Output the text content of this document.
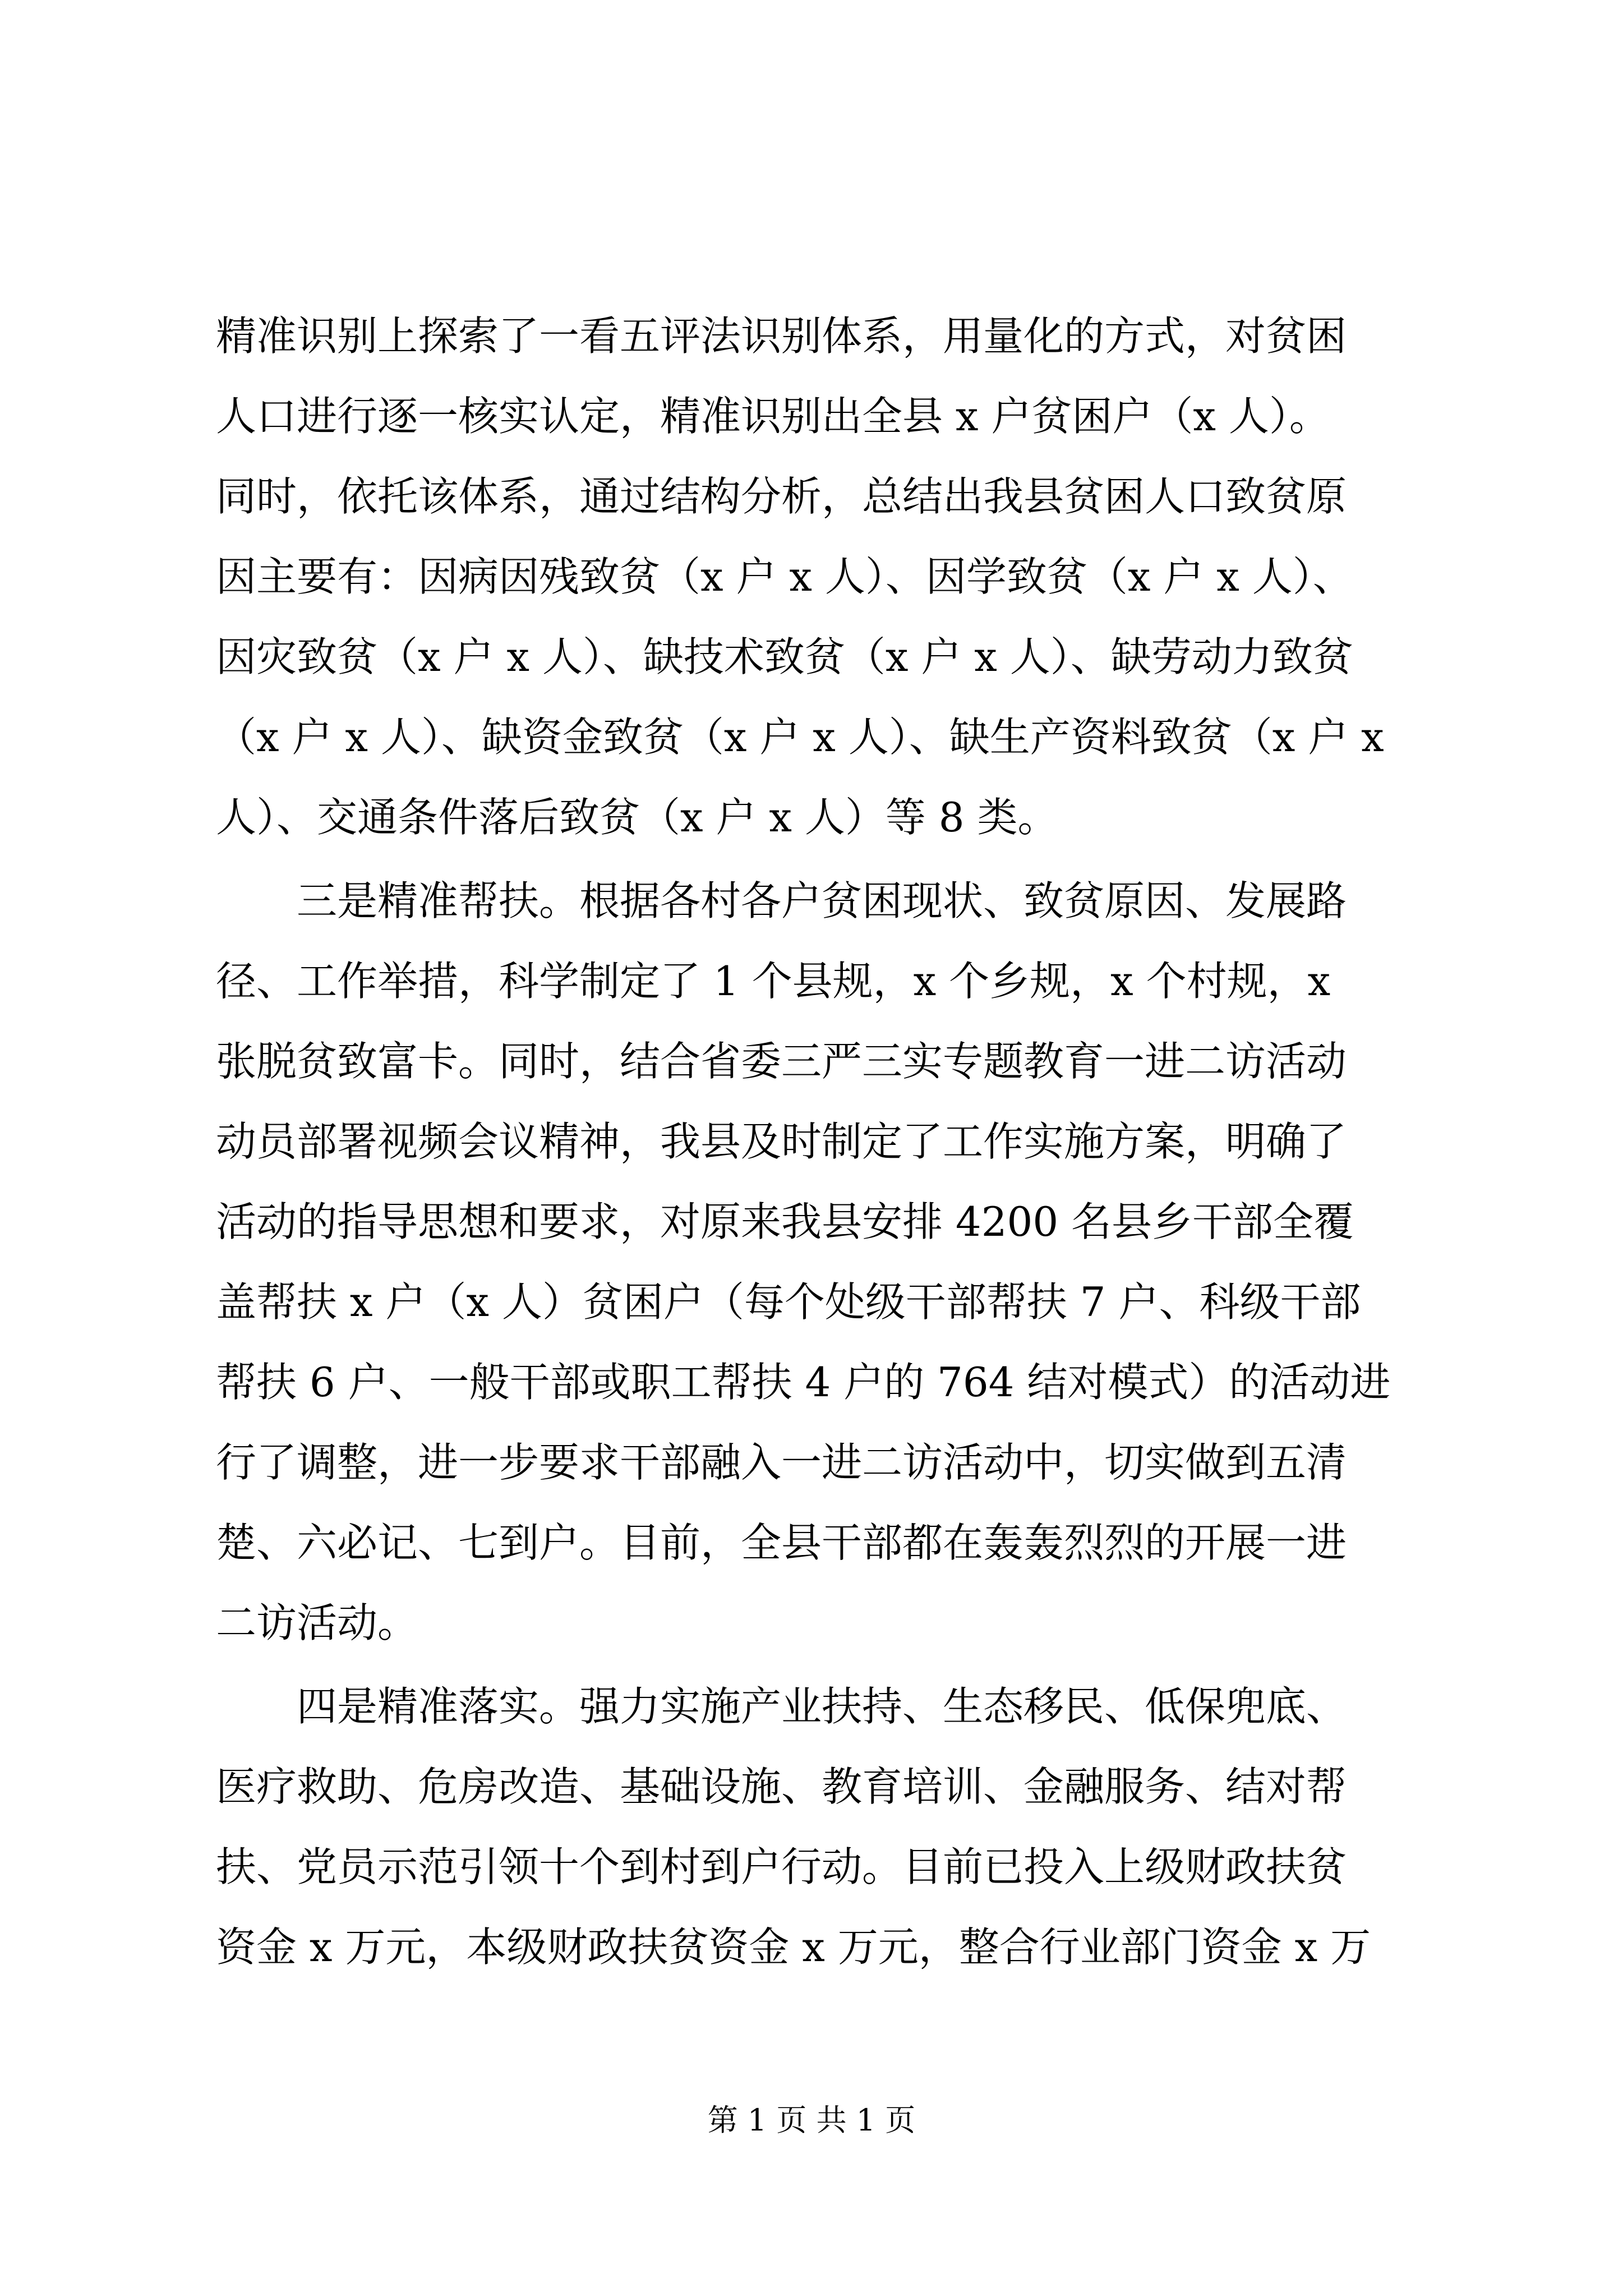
精准识别上探索了一看五评法识别体系，用量化的方式，对贫困
人口进行逐一核实认定，精准识别出全县 x 户贫困户（x 人）。
同时，依托该体系，通过结构分析，总结出我县贫困人口致贫原
因主要有：因病因残致贫（x 户 x 人）、因学致贫（x 户 x 人）、
因灾致贫（x 户 x 人）、缺技术致贫（x 户 x 人）、缺劳动力致贫
（x 户 x 人）、缺资金致贫（x 户 x 人）、缺生产资料致贫（x 户 x
人）、交通条件落后致贫（x 户 x 人）等 8 类。
　　三是精准帮扶。根据各村各户贫困现状、致贫原因、发展路
径、工作举措，科学制定了 1 个县规，x 个乡规，x 个村规，x
张脱贫致富卡。同时，结合省委三严三实专题教育一进二访活动
动员部署视频会议精神，我县及时制定了工作实施方案，明确了
活动的指导思想和要求，对原来我县安排 4200 名县乡干部全覆
盖帮扶 x 户（x 人）贫困户（每个处级干部帮扶 7 户、科级干部
帮扶 6 户、一般干部或职工帮扶 4 户的 764 结对模式）的活动进
行了调整，进一步要求干部融入一进二访活动中，切实做到五清
楚、六必记、七到户。目前，全县干部都在轰轰烈烈的开展一进
二访活动。
　　四是精准落实。强力实施产业扶持、生态移民、低保兜底、
医疗救助、危房改造、基础设施、教育培训、金融服务、结对帮
扶、党员示范引领十个到村到户行动。目前已投入上级财政扶贫
资金 x 万元，本级财政扶贫资金 x 万元，整合行业部门资金 x 万
第 1 页 共 1 页
